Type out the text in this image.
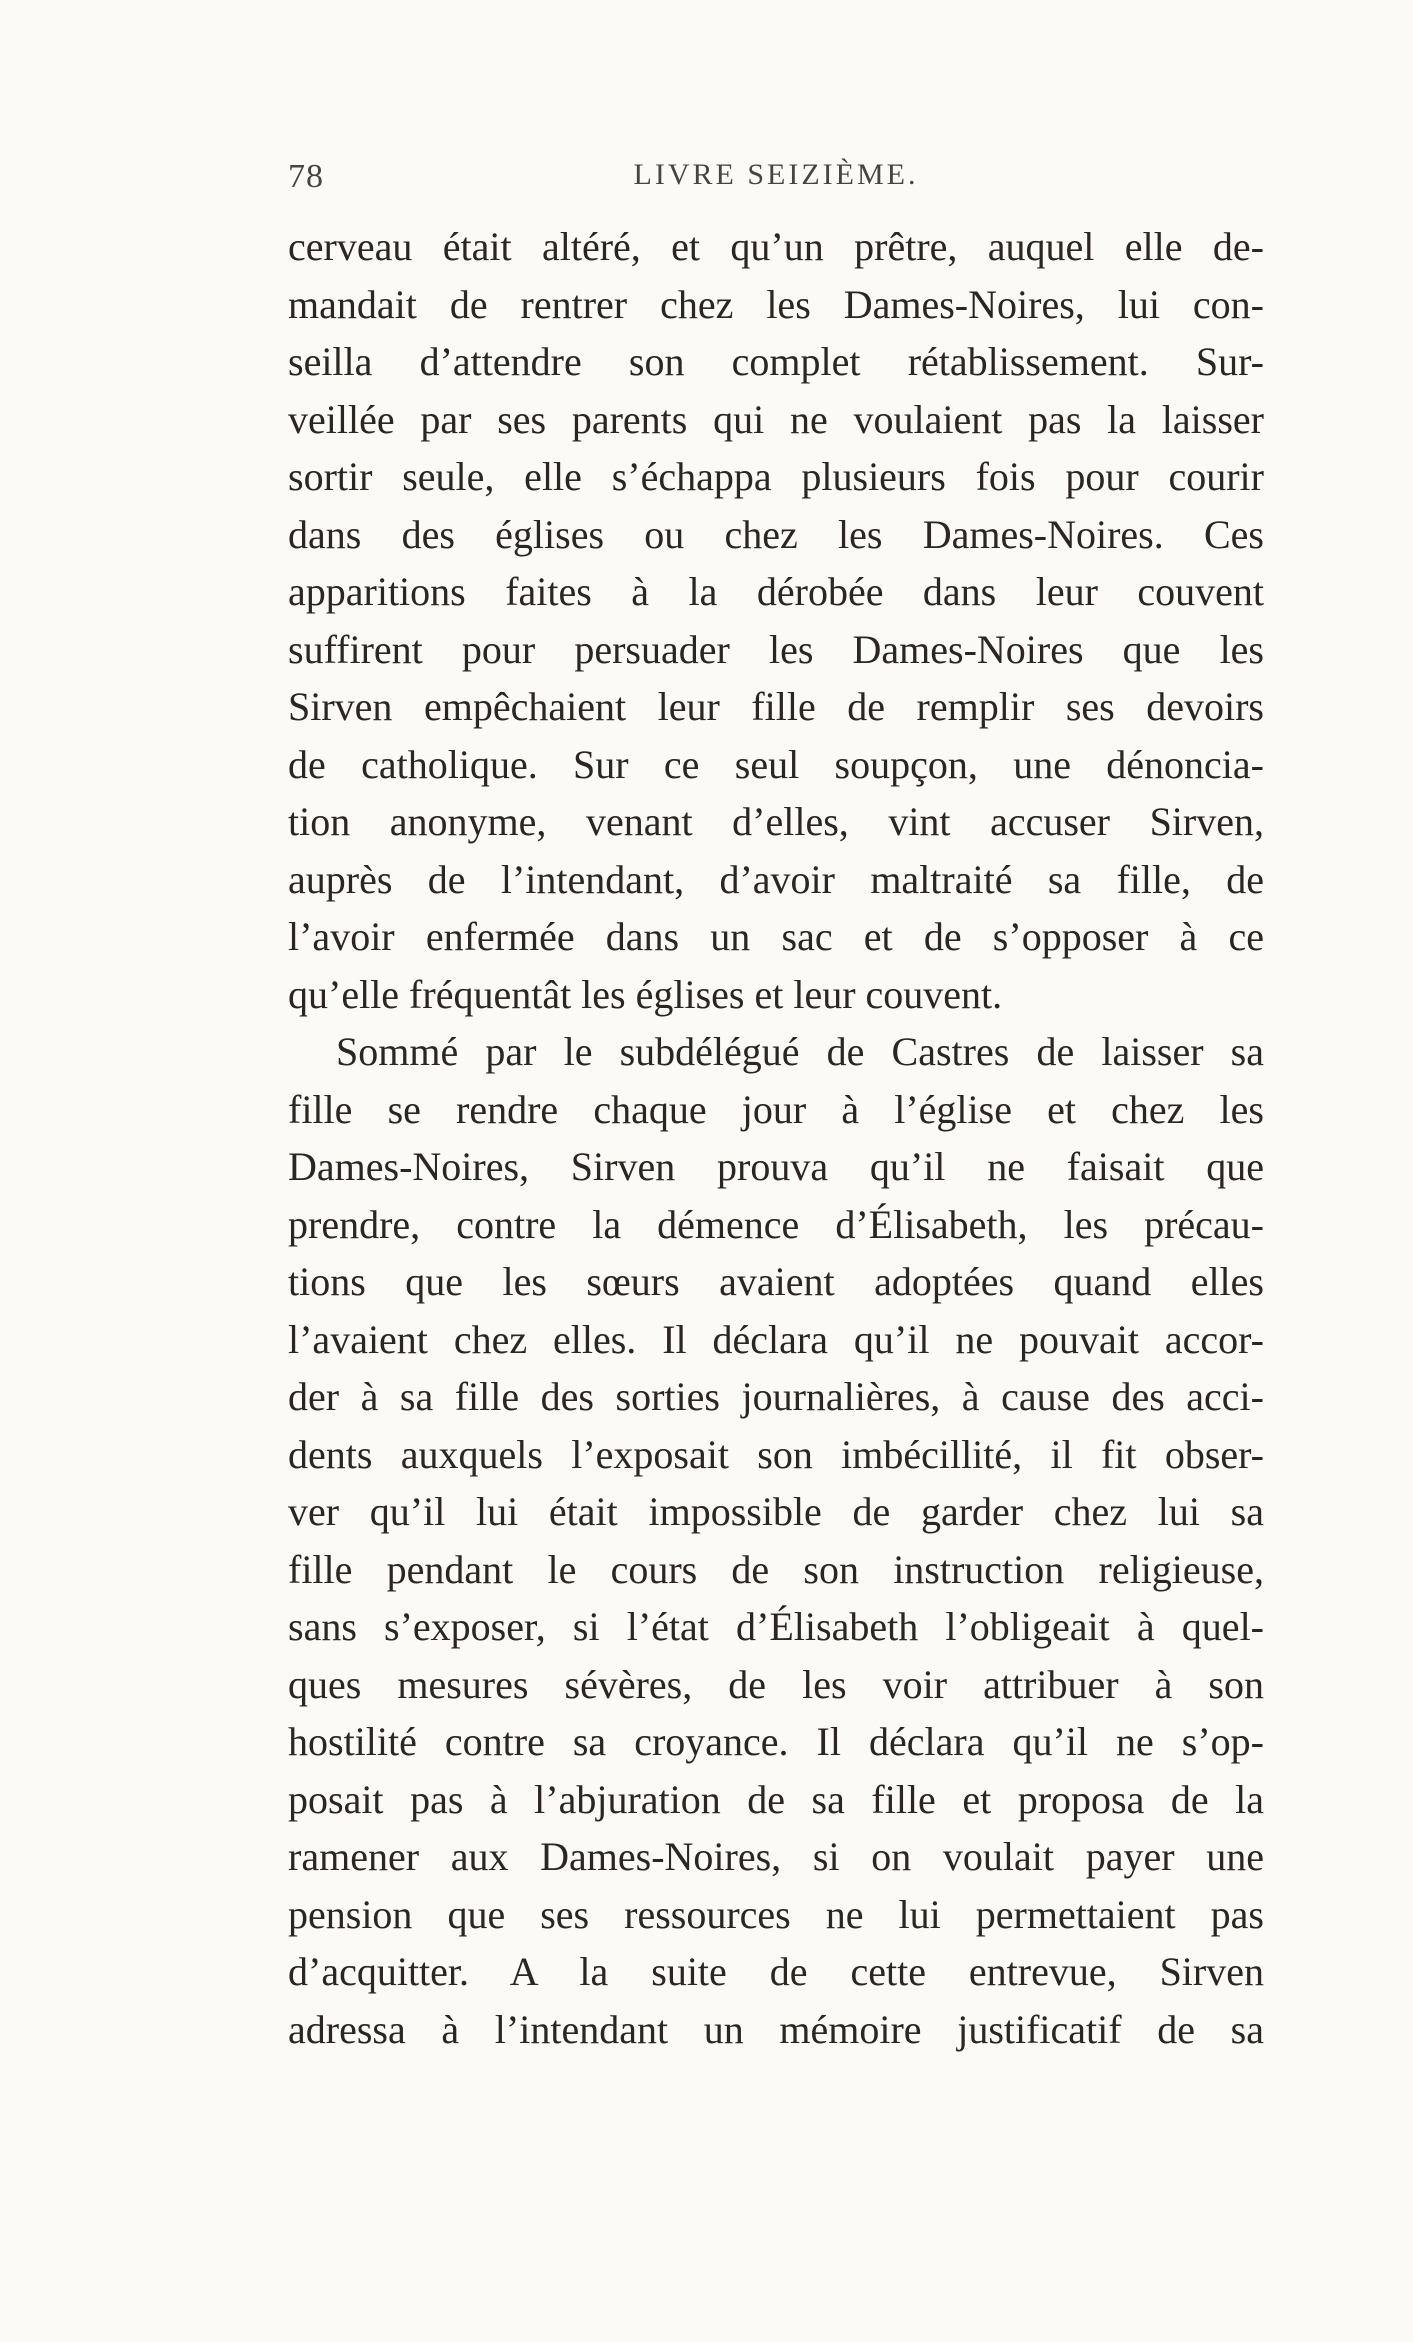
78	LIVRE SEIZIÈME.
cerveau était altéré, et qu’un prêtre, auquel elle de-
mandait de rentrer chez les Dames-Noires, lui con-
seilla d’attendre son complet rétablissement. Sur-
veillée par ses parents qui ne voulaient pas la laisser
sortir seule, elle s’échappa plusieurs fois pour courir
dans des églises ou chez les Dames-Noires. Ces
apparitions faites à la dérobée dans leur couvent
suffirent pour persuader les Dames-Noires que les
Sirven empêchaient leur fille de remplir ses devoirs
de catholique. Sur ce seul soupçon, une dénoncia-
tion anonyme, venant d’elles, vint accuser Sirven,
auprès de l’intendant, d’avoir maltraité sa fille, de
l’avoir enfermée dans un sac et de s’opposer à ce
qu’elle fréquentât les églises et leur couvent.
Sommé par le subdélégué de Castres de laisser sa
fille se rendre chaque jour à l’église et chez les
Dames-Noires, Sirven prouva qu’il ne faisait que
prendre, contre la démence d’Élisabeth, les précau-
tions que les sœurs avaient adoptées quand elles
l’avaient chez elles. Il déclara qu’il ne pouvait accor-
der à sa fille des sorties journalières, à cause des acci-
dents auxquels l’exposait son imbécillité, il fit obser-
ver qu’il lui était impossible de garder chez lui sa
fille pendant le cours de son instruction religieuse,
sans s’exposer, si l’état d’Élisabeth l’obligeait à quel-
ques mesures sévères, de les voir attribuer à son
hostilité contre sa croyance. Il déclara qu’il ne s’op-
posait pas à l’abjuration de sa fille et proposa de la
ramener aux Dames-Noires, si on voulait payer une
pension que ses ressources ne lui permettaient pas
d’acquitter. A la suite de cette entrevue, Sirven
adressa à l’intendant un mémoire justificatif de sa
